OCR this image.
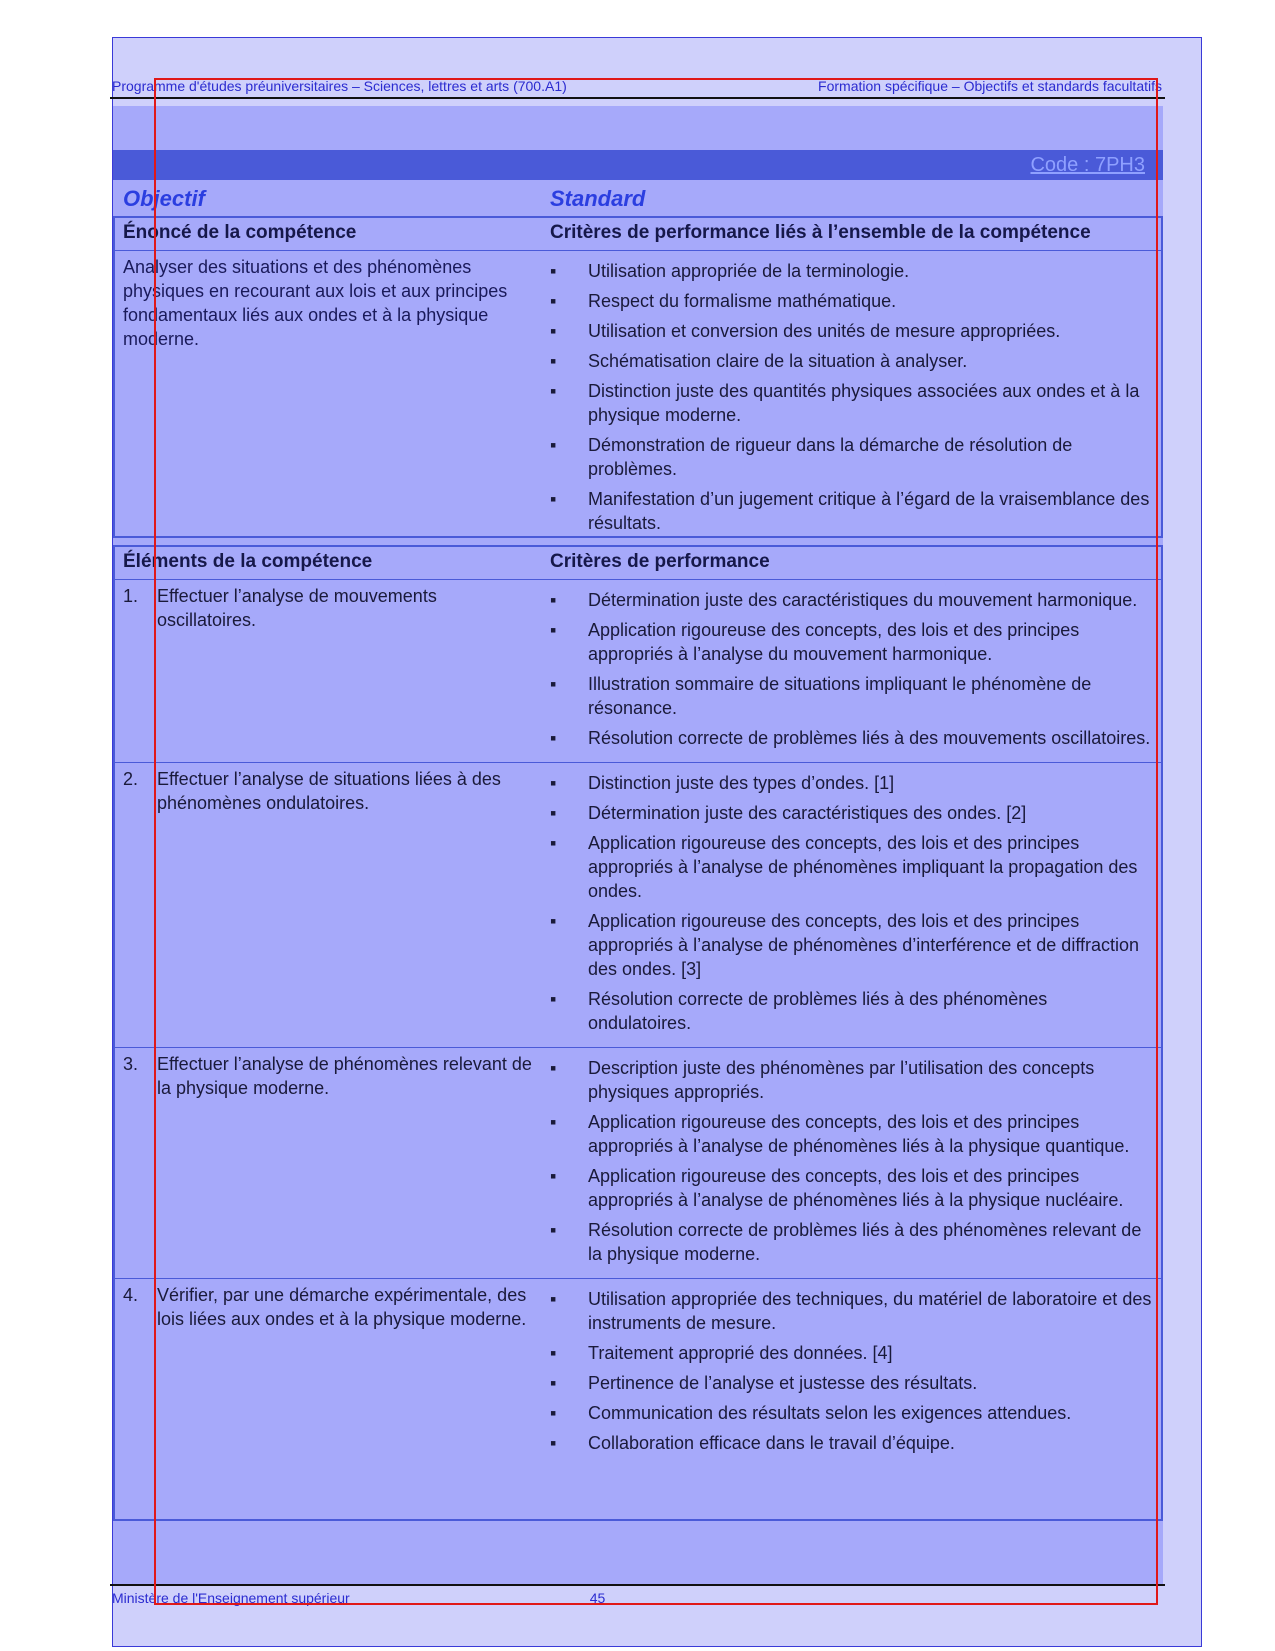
Programme d'études préuniversitaires – Sciences, lettres et arts (700.A1)	Formation spécifique – Objectifs et standards facultatifs
Code : 7PH3
Objectif	Standard
Énoncé de la compétence	Critères de performance liés à l’ensemble de la compétence
Analyser des situations et des phénomènes physiques en recourant aux lois et aux principes fondamentaux liés aux ondes et à la physique moderne.
▪ Utilisation appropriée de la terminologie.
▪ Respect du formalisme mathématique.
▪ Utilisation et conversion des unités de mesure appropriées.
▪ Schématisation claire de la situation à analyser.
▪ Distinction juste des quantités physiques associées aux ondes et à la physique moderne.
▪ Démonstration de rigueur dans la démarche de résolution de problèmes.
▪ Manifestation d’un jugement critique à l’égard de la vraisemblance des résultats.
Éléments de la compétence	Critères de performance
1.	Effectuer l’analyse de mouvements oscillatoires.
▪ Détermination juste des caractéristiques du mouvement harmonique.
▪ Application rigoureuse des concepts, des lois et des principes appropriés à l’analyse du mouvement harmonique.
▪ Illustration sommaire de situations impliquant le phénomène de résonance.
▪ Résolution correcte de problèmes liés à des mouvements oscillatoires.
2.	Effectuer l’analyse de situations liées à des phénomènes ondulatoires.
▪ Distinction juste des types d’ondes. [1]
▪ Détermination juste des caractéristiques des ondes. [2]
▪ Application rigoureuse des concepts, des lois et des principes appropriés à l’analyse de phénomènes impliquant la propagation des ondes.
▪ Application rigoureuse des concepts, des lois et des principes appropriés à l’analyse de phénomènes d’interférence et de diffraction des ondes. [3]
▪ Résolution correcte de problèmes liés à des phénomènes ondulatoires.
3.	Effectuer l’analyse de phénomènes relevant de la physique moderne.
▪ Description juste des phénomènes par l’utilisation des concepts physiques appropriés.
▪ Application rigoureuse des concepts, des lois et des principes appropriés à l’analyse de phénomènes liés à la physique quantique.
▪ Application rigoureuse des concepts, des lois et des principes appropriés à l’analyse de phénomènes liés à la physique nucléaire.
▪ Résolution correcte de problèmes liés à des phénomènes relevant de la physique moderne.
4.	Vérifier, par une démarche expérimentale, des lois liées aux ondes et à la physique moderne.
▪ Utilisation appropriée des techniques, du matériel de laboratoire et des instruments de mesure.
▪ Traitement approprié des données. [4]
▪ Pertinence de l’analyse et justesse des résultats.
▪ Communication des résultats selon les exigences attendues.
▪ Collaboration efficace dans le travail d’équipe.
Ministère de l'Enseignement supérieur	45
